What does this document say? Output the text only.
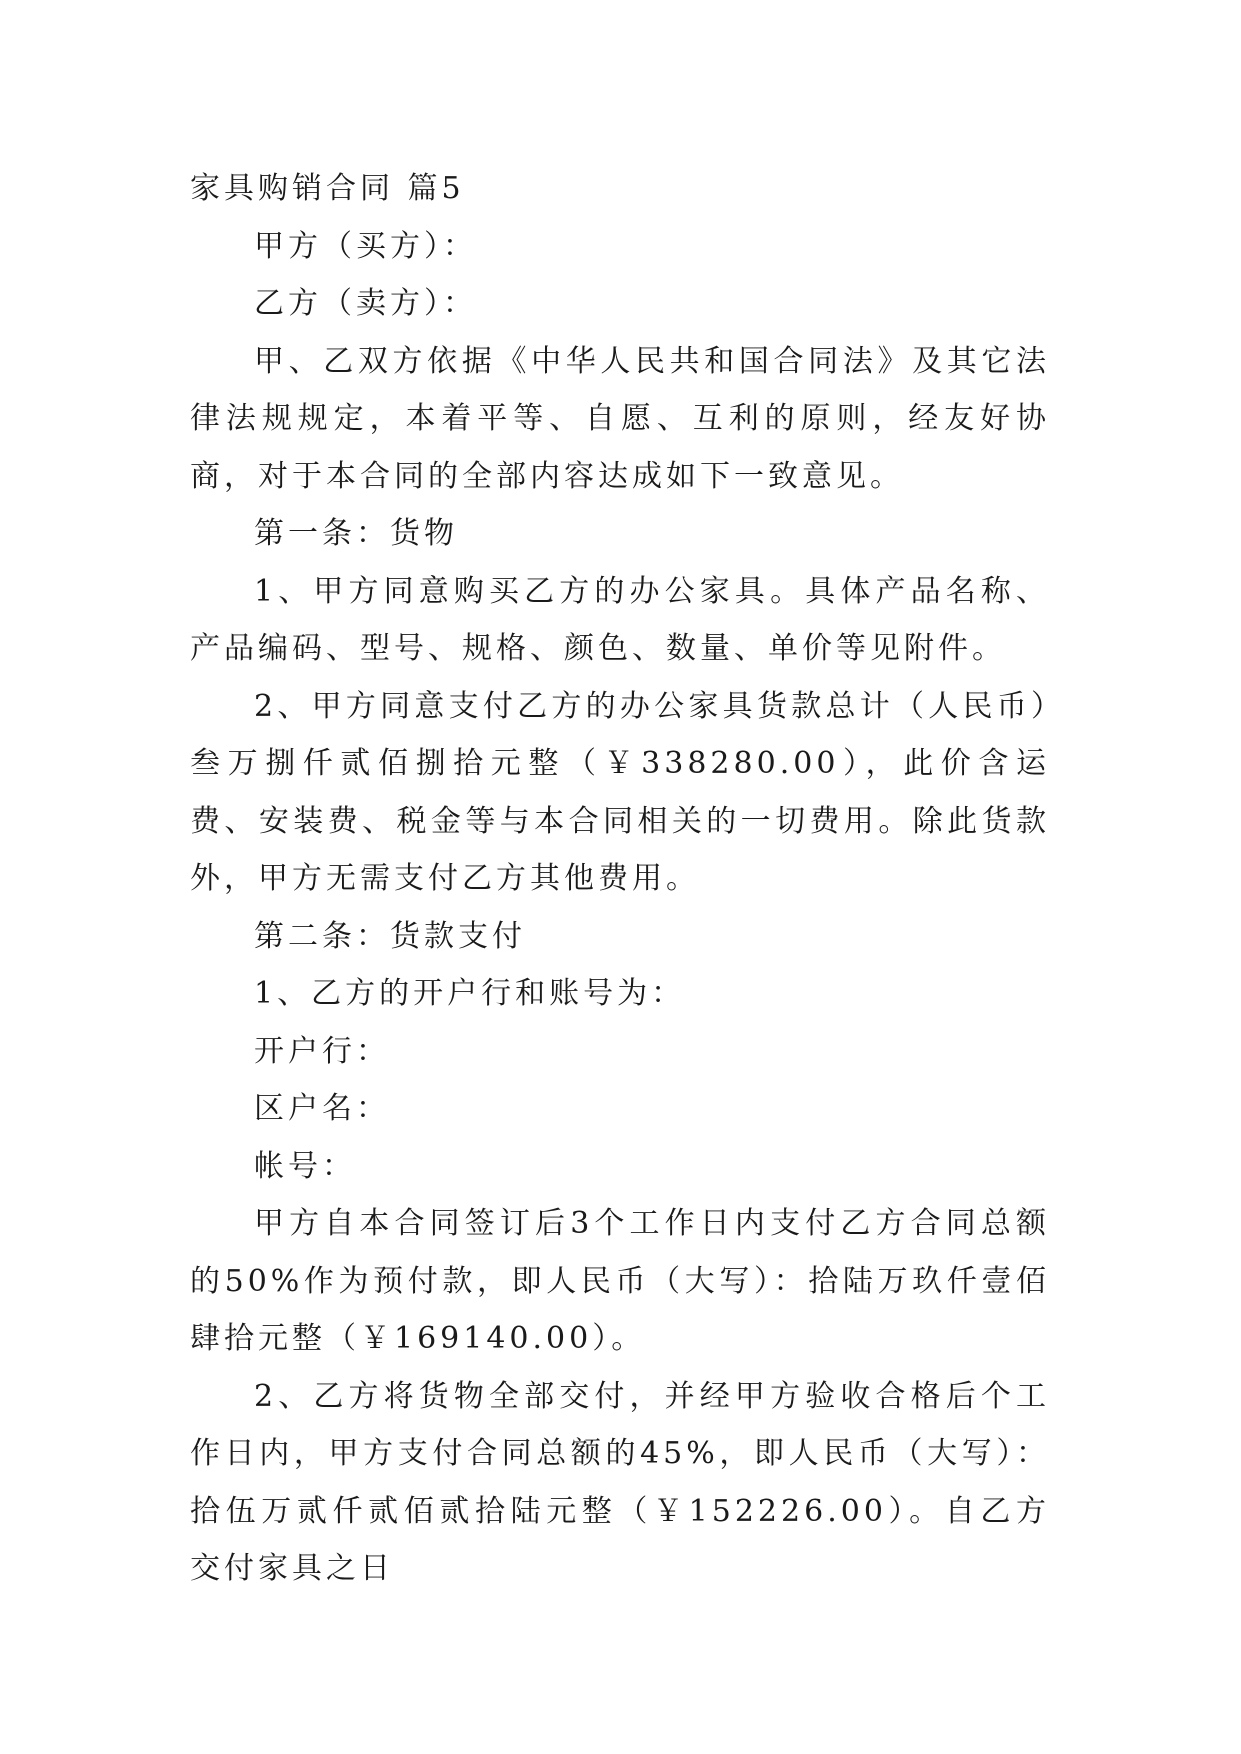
家具购销合同 篇5

甲方（买方）：

乙方（卖方）：

甲、乙双方依据《中华人民共和国合同法》及其它法律法规规定，本着平等、自愿、互利的原则，经友好协商，对于本合同的全部内容达成如下一致意见。

第一条：货物

1、甲方同意购买乙方的办公家具。具体产品名称、产品编码、型号、规格、颜色、数量、单价等见附件。

2、甲方同意支付乙方的办公家具货款总计（人民币）叁万捌仟贰佰捌拾元整（￥338280.00），此价含运费、安装费、税金等与本合同相关的一切费用。除此货款外，甲方无需支付乙方其他费用。

第二条：货款支付

1、乙方的开户行和账号为：

开户行：

区户名：

帐号：

甲方自本合同签订后3个工作日内支付乙方合同总额的50%作为预付款，即人民币（大写）：拾陆万玖仟壹佰肆拾元整（￥169140.00）。

2、乙方将货物全部交付，并经甲方验收合格后个工作日内，甲方支付合同总额的45%，即人民币（大写）：拾伍万贰仟贰佰贰拾陆元整（￥152226.00）。自乙方交付家具之日
